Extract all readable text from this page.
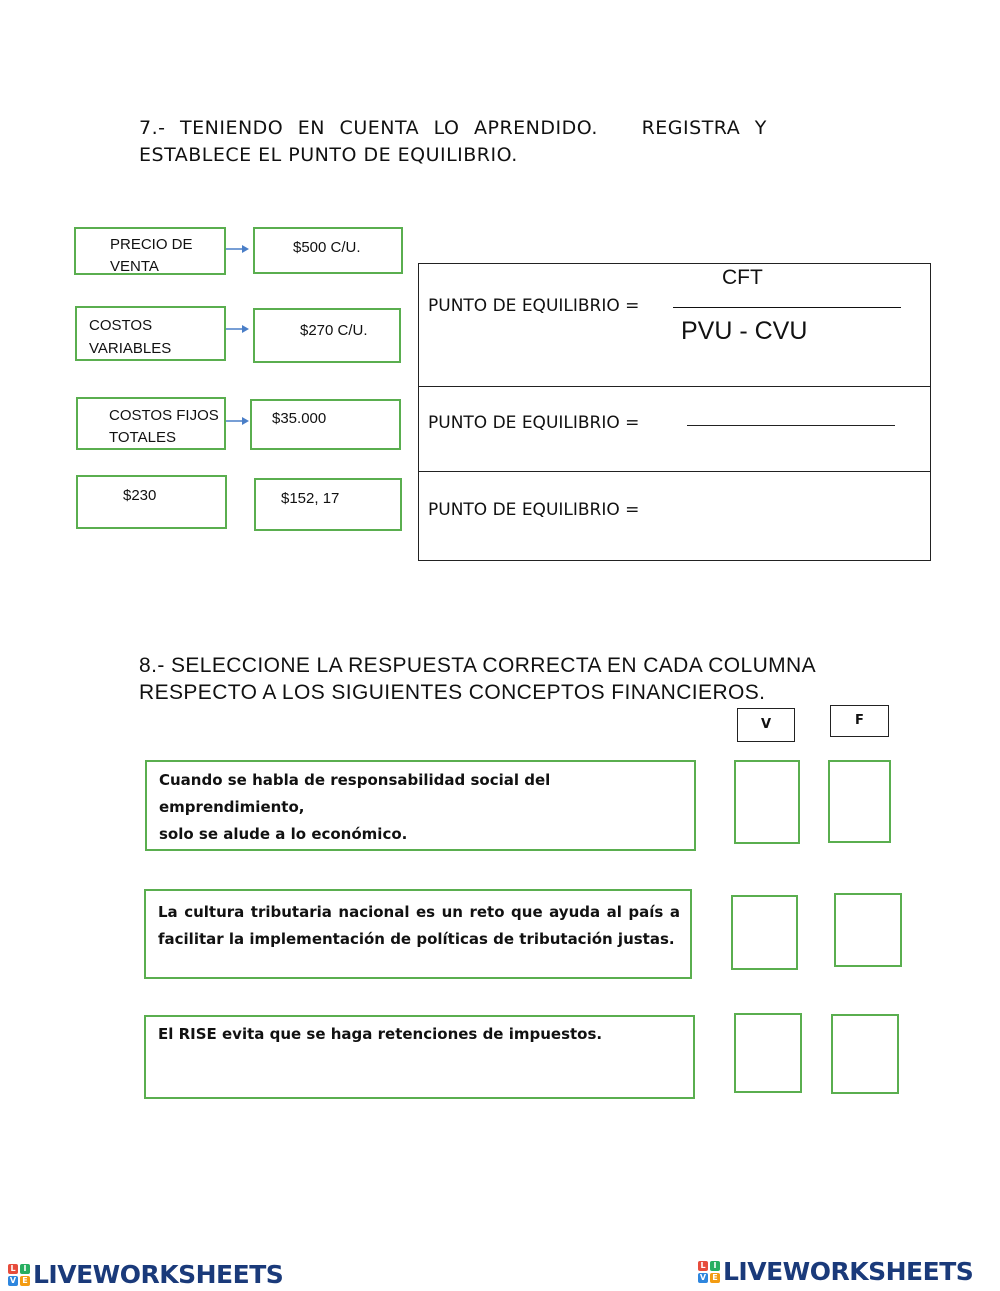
7.- TENIENDO EN CUENTA LO APRENDIDO.   REGISTRA Y
ESTABLECE EL PUNTO DE EQUILIBRIO.
PRECIO DE
VENTA
COSTOS
VARIABLES
COSTOS FIJOS
TOTALES
$230
$500 C/U.
$270 C/U.
$35.000
$152, 17
PUNTO DE EQUILIBRIO =
CFT
PVU - CVU
PUNTO DE EQUILIBRIO =
PUNTO DE EQUILIBRIO =
8.- SELECCIONE LA RESPUESTA CORRECTA EN CADA COLUMNA
RESPECTO A LOS SIGUIENTES CONCEPTOS FINANCIEROS.
V	F
Cuando se habla de responsabilidad social del emprendimiento,
solo se alude a lo económico.
La cultura tributaria nacional es un reto que ayuda al país a
facilitar la implementación de políticas de tributación justas.
El RISE evita que se haga retenciones de impuestos.
L I
V E LIVEWORKSHEETS	L I
V E LIVEWORKSHEETS
